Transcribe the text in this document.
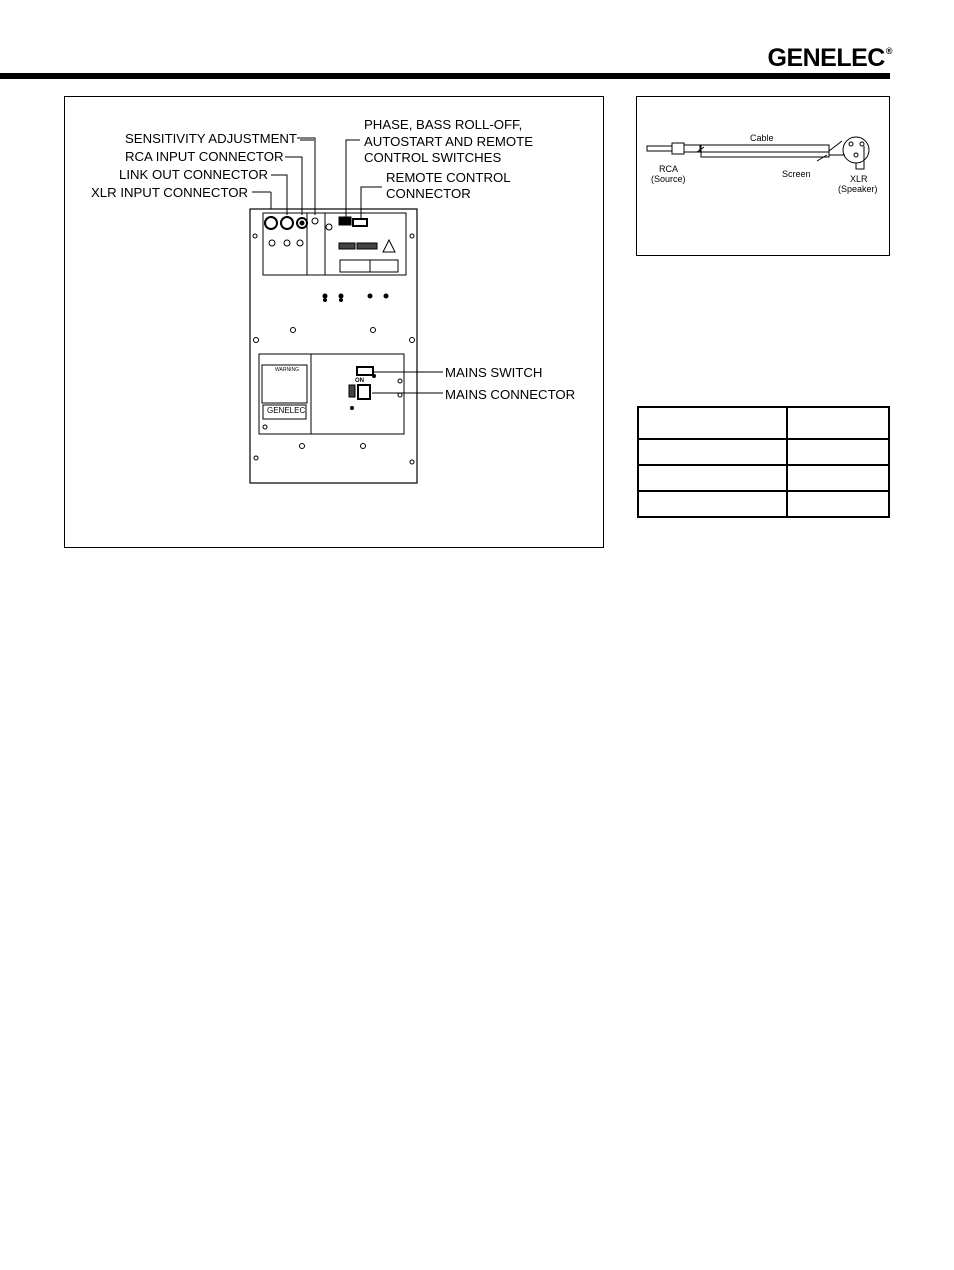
GENELEC®
SENSITIVITY ADJUSTMENT
RCA INPUT CONNECTOR
LINK OUT CONNECTOR
XLR INPUT CONNECTOR
PHASE, BASS ROLL-OFF,
AUTOSTART AND REMOTE
CONTROL SWITCHES
REMOTE CONTROL
CONNECTOR
MAINS SWITCH
MAINS CONNECTOR
ON
WARNING
GENELEC
Cable
RCA
(Source)	Screen	XLR
(Speaker)
